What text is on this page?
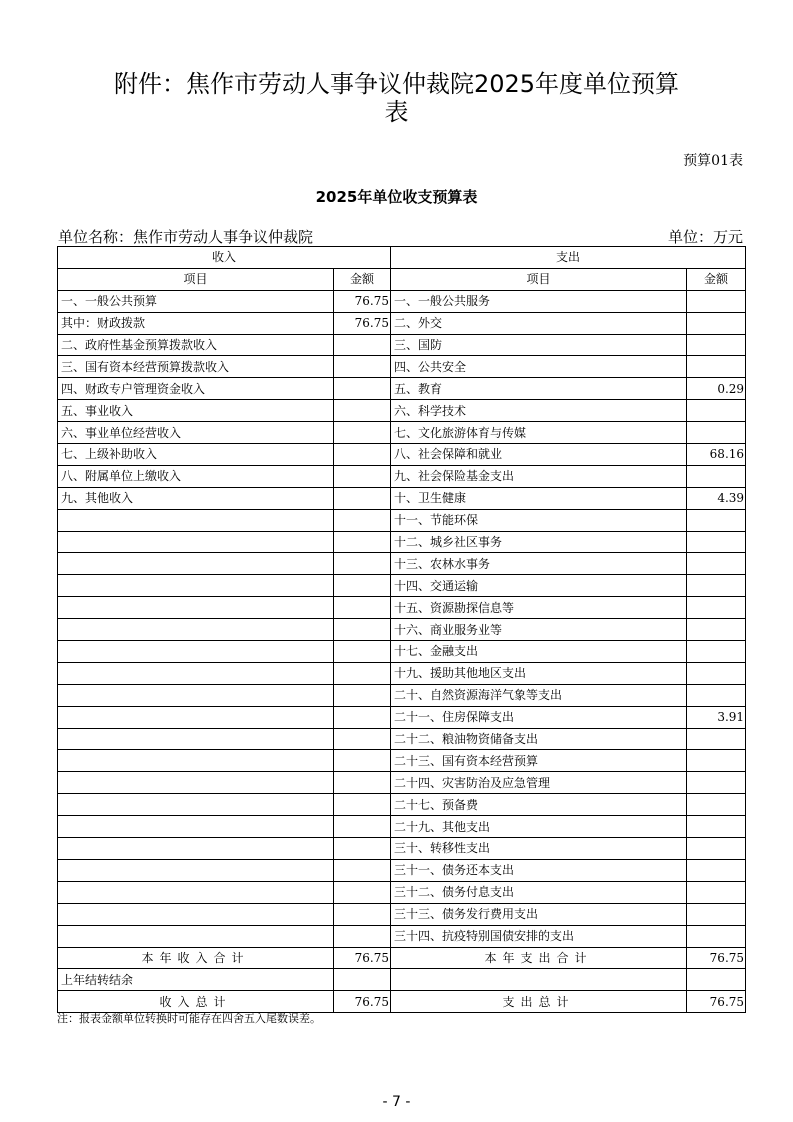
附件：焦作市劳动人事争议仲裁院2025年度单位预算
表
预算01表
2025年单位收支预算表
单位名称：焦作市劳动人事争议仲裁院	单位：万元
收入		支出	
项目	金额	项目	金额
一、一般公共预算	76.75	一、一般公共服务	
其中：财政拨款	76.75	二、外交	
二、政府性基金预算拨款收入		三、国防	
三、国有资本经营预算拨款收入		四、公共安全	
四、财政专户管理资金收入		五、教育	0.29
五、事业收入		六、科学技术	
六、事业单位经营收入		七、文化旅游体育与传媒	
七、上级补助收入		八、社会保障和就业	68.16
八、附属单位上缴收入		九、社会保险基金支出	
九、其他收入		十、卫生健康	4.39
		十一、节能环保	
		十二、城乡社区事务	
		十三、农林水事务	
		十四、交通运输	
		十五、资源勘探信息等	
		十六、商业服务业等	
		十七、金融支出	
		十九、援助其他地区支出	
		二十、自然资源海洋气象等支出	
		二十一、住房保障支出	3.91
		二十二、粮油物资储备支出	
		二十三、国有资本经营预算	
		二十四、灾害防治及应急管理	
		二十七、预备费	
		二十九、其他支出	
		三十、转移性支出	
		三十一、债务还本支出	
		三十二、债务付息支出	
		三十三、债务发行费用支出	
		三十四、抗疫特别国债安排的支出	
本年收入合计	76.75	本年支出合计	76.75
上年结转结余			
收入总计	76.75	支出总计	76.75
注：报表金额单位转换时可能存在四舍五入尾数误差。
- 7 -
